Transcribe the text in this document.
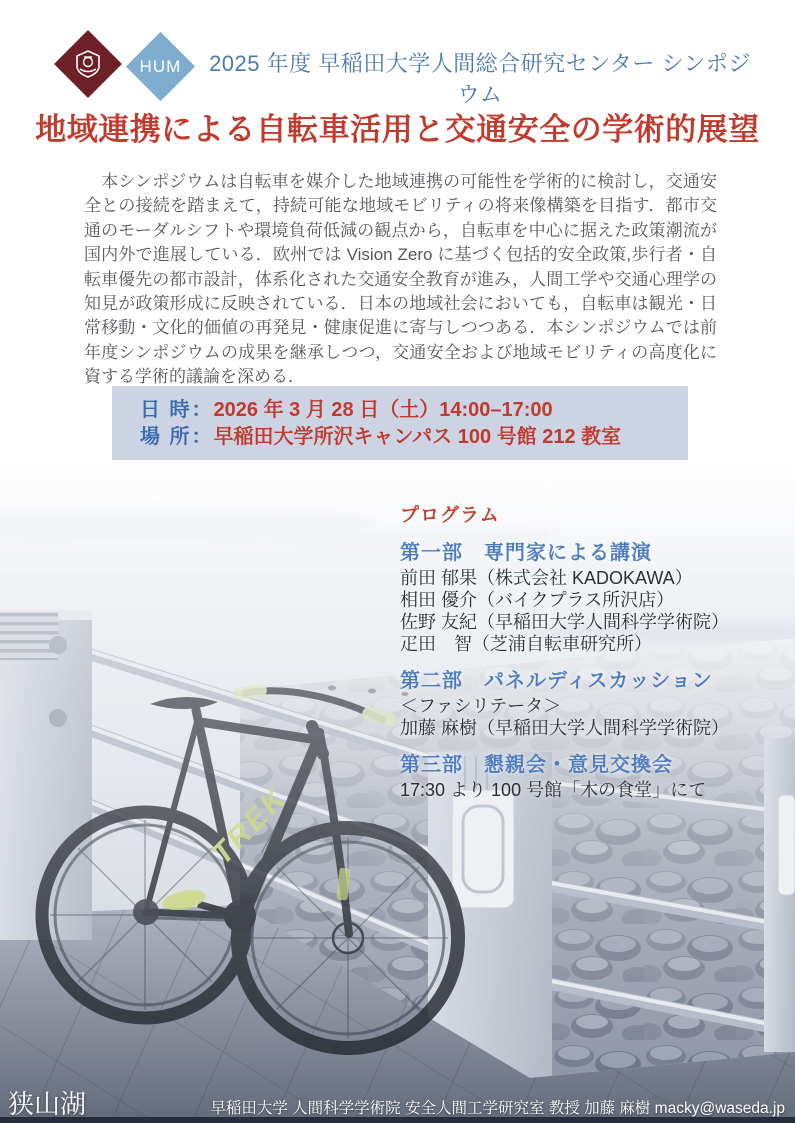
HUM	2025 年度 早稲田大学人間総合研究センター シンポジウム
地域連携による自転車活用と交通安全の学術的展望
　本シンポジウムは自転車を媒介した地域連携の可能性を学術的に検討し，交通安全との接続を踏まえて，持続可能な地域モビリティの将来像構築を目指す．都市交通のモーダルシフトや環境負荷低減の観点から，自転車を中心に据えた政策潮流が国内外で進展している．欧州では Vision Zero に基づく包括的安全政策,歩行者・自転車優先の都市設計，体系化された交通安全教育が進み，人間工学や交通心理学の知見が政策形成に反映されている．日本の地域社会においても，自転車は観光・日常移動・文化的価値の再発見・健康促進に寄与しつつある．本シンポジウムでは前年度シンポジウムの成果を継承しつつ，交通安全および地域モビリティの高度化に資する学術的議論を深める．
日 時：2026 年 3 月 28 日（土）14:00–17:00
場 所：早稲田大学所沢キャンパス 100 号館 212 教室
プログラム
第一部　専門家による講演
前田 郁果（株式会社 KADOKAWA）
相田 優介（バイクプラス所沢店）
佐野 友紀（早稲田大学人間科学学術院）
疋田　智（芝浦自転車研究所）
第二部　パネルディスカッション
＜ファシリテータ＞
加藤 麻樹（早稲田大学人間科学学術院）
第三部　懇親会・意見交換会
17:30 より 100 号館「木の食堂」にて
狭山湖	早稲田大学 人間科学学術院 安全人間工学研究室 教授 加藤 麻樹 macky@waseda.jp
